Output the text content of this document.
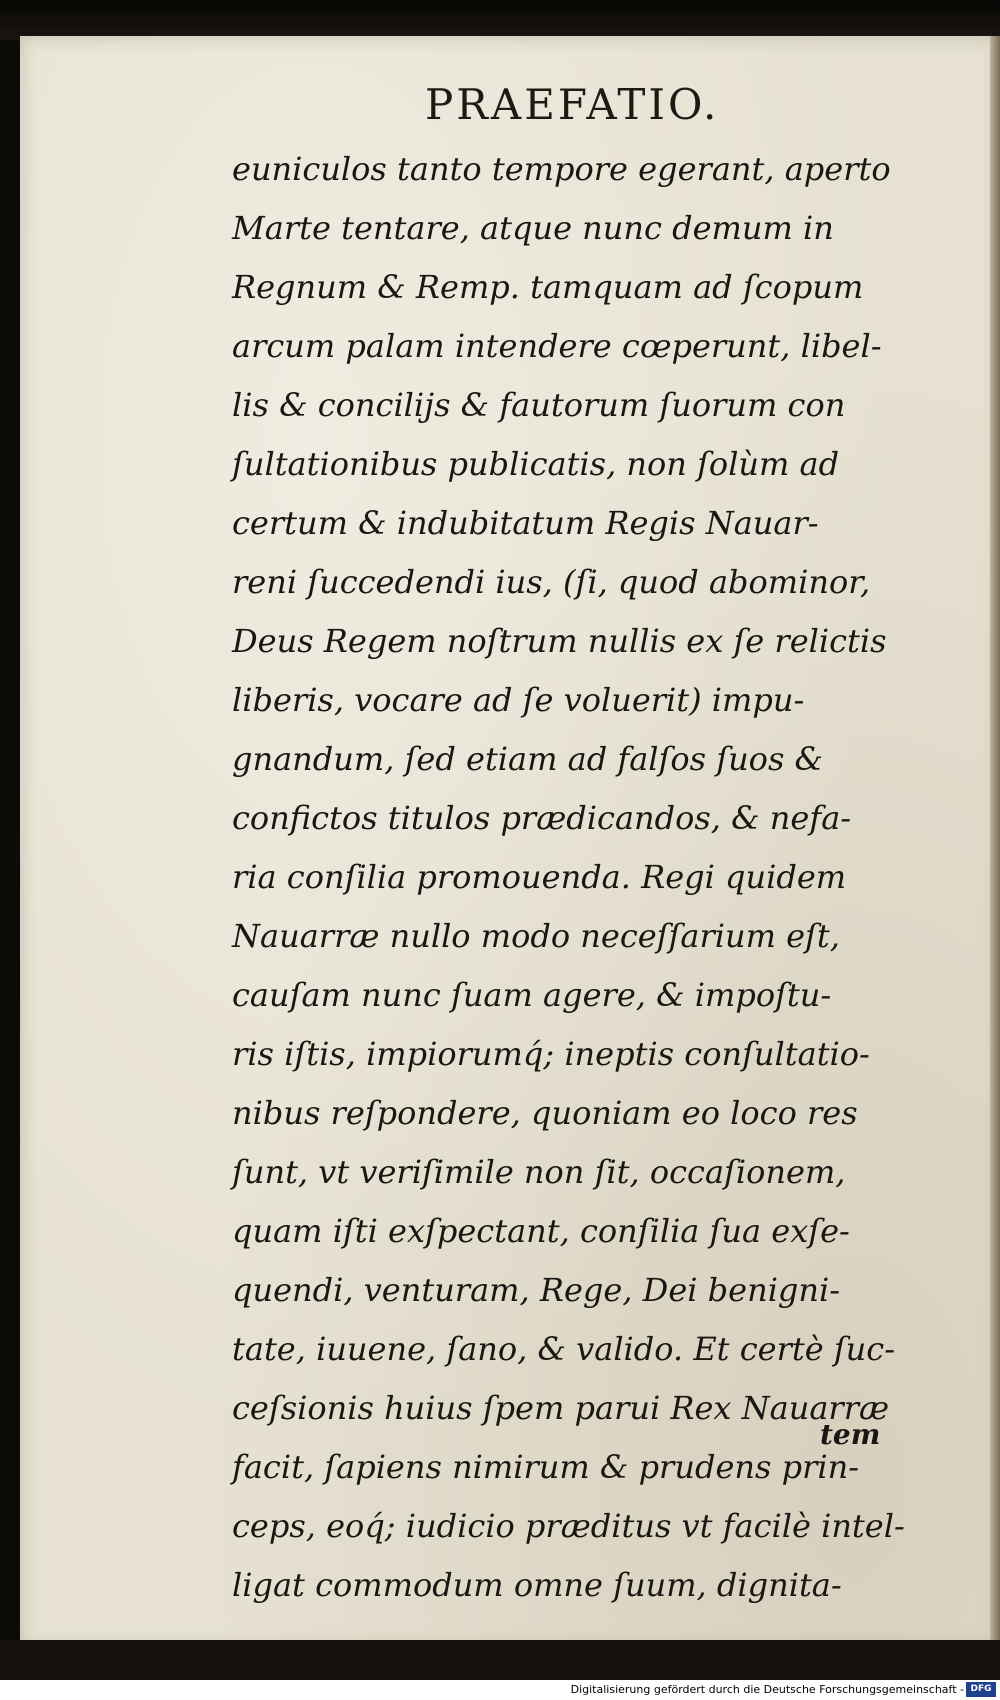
PRAEFATIO.
euniculos tanto tempore egerant, aperto
Marte tentare, atque nunc demum in
Regnum & Remp. tamquam ad ſcopum
arcum palam intendere cœperunt, libel-
lis & concilijs & fautorum ſuorum con
ſultationibus publicatis, non ſolùm ad
certum & indubitatum Regis Nauar-
reni ſuccedendi ius, (ſi, quod abominor,
Deus Regem noſtrum nullis ex ſe relictis
liberis, vocare ad ſe voluerit) impu-
gnandum, ſed etiam ad falſos ſuos &
confictos titulos prædicandos, & nefa-
ria conſilia promouenda. Regi quidem
Nauarræ nullo modo neceſſarium eſt,
cauſam nunc ſuam agere, & impoſtu-
ris iſtis, impiorumq́; ineptis conſultatio-
nibus reſpondere, quoniam eo loco res
ſunt, vt veriſimile non ſit, occaſionem,
quam iſti exſpectant, conſilia ſua exſe-
quendi, venturam, Rege, Dei benigni-
tate, iuuene, ſano, & valido. Et certè ſuc-
ceſsionis huius ſpem parui Rex Nauarræ
facit, ſapiens nimirum & prudens prin-
ceps, eoq́; iudicio præditus vt facilè intel-
ligat commodum omne ſuum, dignita-
tem
Digitalisierung gefördert durch die Deutsche Forschungsgemeinschaft - DFG
